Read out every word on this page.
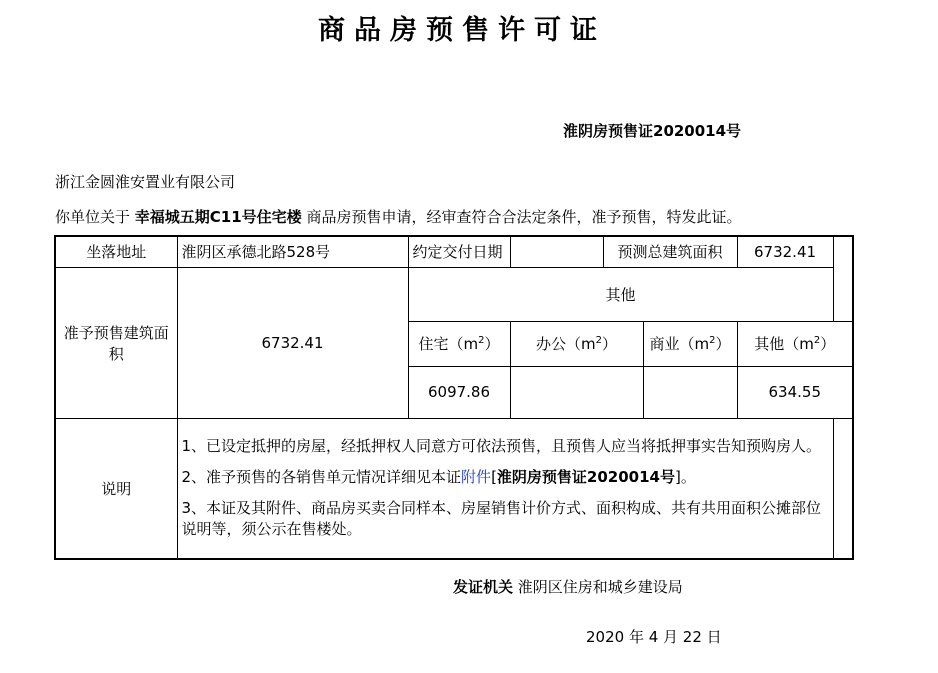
商品房预售许可证
淮阴房预售证2020014号
浙江金圆淮安置业有限公司
你单位关于 幸福城五期C11号住宅楼 商品房预售申请，经审查符合合法定条件，准予预售，特发此证。
坐落地址	淮阴区承德北路528号	约定交付日期		预测总建筑面积		6732.41
准予预售建筑面积	6732.41	其他				
		住宅$(m^2)$	办公$(m^2)$		商业$(m^2)$	其他$(m^2)$
		6097.86				634.55
说明	1、已设定抵押的房屋，经抵押权人同意方可依法预售，且预售人应当将抵押事实告知预购房人。

2、准予预售的各销售单元情况详细见本证附件[淮阴房预售证2020014号]。

3、本证及其附件、商品房买卖合同样本、房屋销售计价方式、面积构成、共有共用面积公摊部位说明等，须公示在售楼处。					

发证机关 淮阴区住房和城乡建设局
2020 年 4 月 22 日
